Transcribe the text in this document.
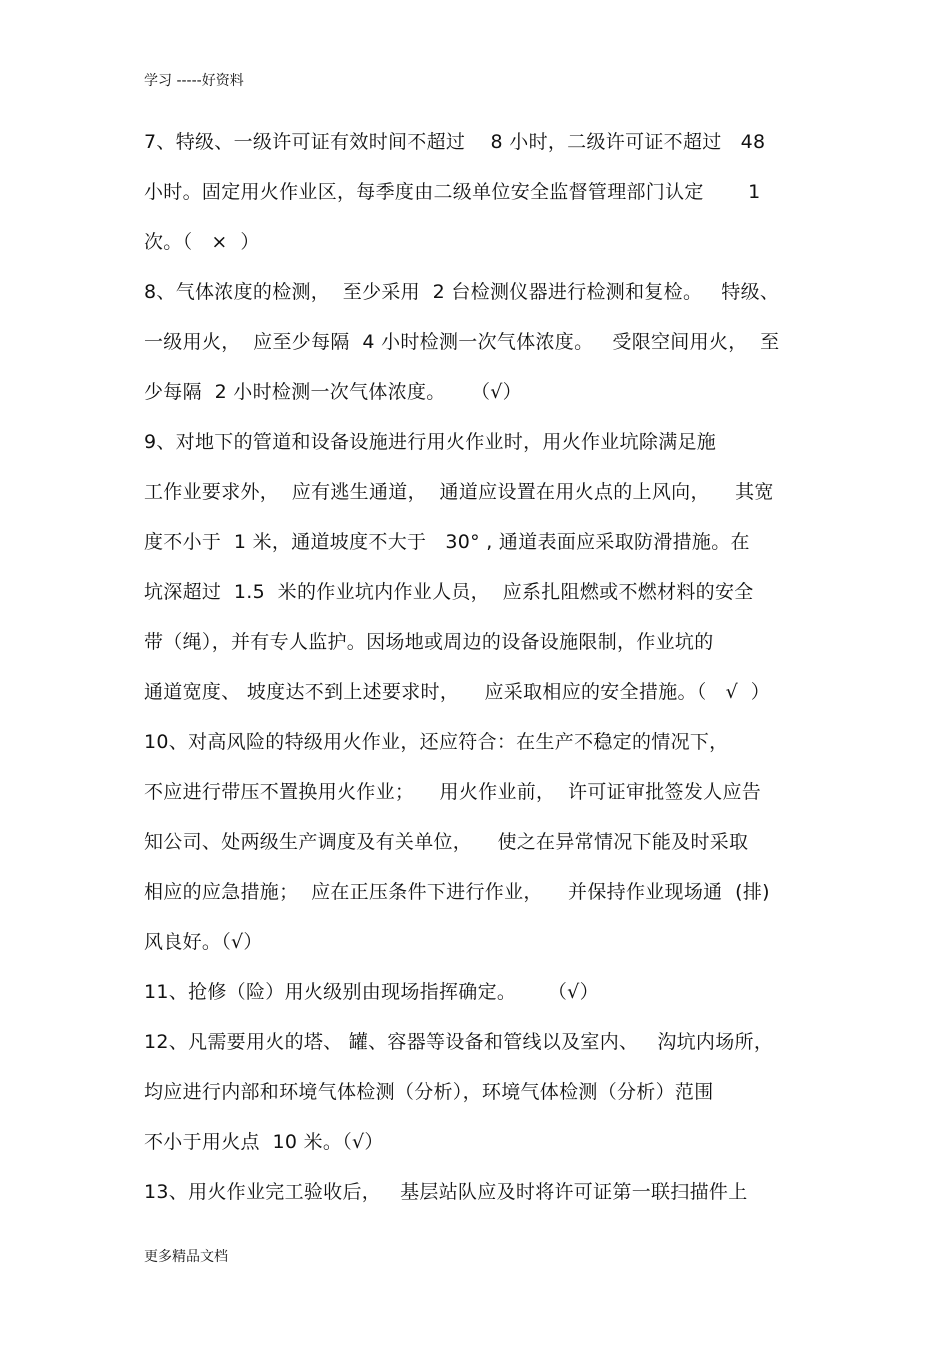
学习 -----好资料
7、特级、一级许可证有效时间不超过    8 小时，二级许可证不超过   48
小时。固定用火作业区，每季度由二级单位安全监督管理部门认定       1
次。（   ×  ）
8、气体浓度的检测，  至少采用  2 台检测仪器进行检测和复检。   特级、
一级用火，  应至少每隔  4 小时检测一次气体浓度。   受限空间用火，  至
少每隔  2 小时检测一次气体浓度。    （√）
9、对地下的管道和设备设施进行用火作业时，用火作业坑除满足施
工作业要求外，  应有逃生通道，  通道应设置在用火点的上风向，    其宽
度不小于  1 米，通道坡度不大于   30° , 通道表面应采取防滑措施。在
坑深超过  1.5  米的作业坑内作业人员，  应系扎阻燃或不燃材料的安全
带（绳），并有专人监护。因场地或周边的设备设施限制，作业坑的
通道宽度、 坡度达不到上述要求时，    应采取相应的安全措施。（   √  ）
10、对高风险的特级用火作业，还应符合：在生产不稳定的情况下，
不应进行带压不置换用火作业；    用火作业前，  许可证审批签发人应告
知公司、处两级生产调度及有关单位，    使之在异常情况下能及时采取
相应的应急措施；  应在正压条件下进行作业，    并保持作业现场通  (排)
风良好。（√）
11、抢修（险）用火级别由现场指挥确定。     （√）
12、凡需要用火的塔、 罐、容器等设备和管线以及室内、   沟坑内场所，
均应进行内部和环境气体检测（分析），环境气体检测（分析）范围
不小于用火点  10 米。（√）
13、用火作业完工验收后，   基层站队应及时将许可证第一联扫描件上
更多精品文档
